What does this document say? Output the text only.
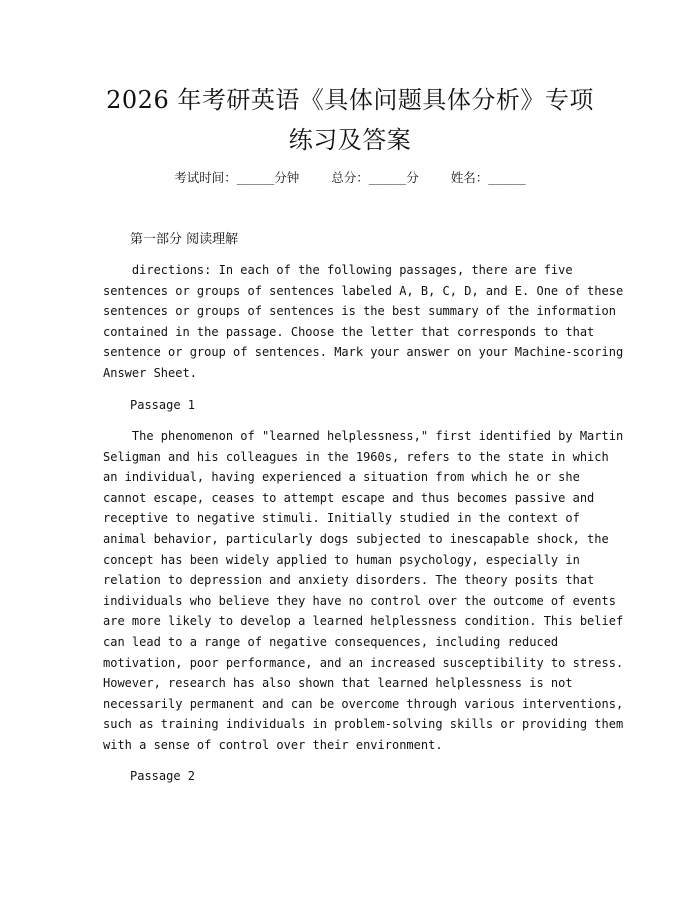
2026 年考研英语《具体问题具体分析》专项
练习及答案
考试时间：______分钟	总分：______分	姓名：______
第一部分 阅读理解
directions: In each of the following passages, there are five
sentences or groups of sentences labeled A, B, C, D, and E. One of these
sentences or groups of sentences is the best summary of the information
contained in the passage. Choose the letter that corresponds to that
sentence or group of sentences. Mark your answer on your Machine-scoring
Answer Sheet.
Passage 1
The phenomenon of "learned helplessness," first identified by Martin
Seligman and his colleagues in the 1960s, refers to the state in which
an individual, having experienced a situation from which he or she
cannot escape, ceases to attempt escape and thus becomes passive and
receptive to negative stimuli. Initially studied in the context of
animal behavior, particularly dogs subjected to inescapable shock, the
concept has been widely applied to human psychology, especially in
relation to depression and anxiety disorders. The theory posits that
individuals who believe they have no control over the outcome of events
are more likely to develop a learned helplessness condition. This belief
can lead to a range of negative consequences, including reduced
motivation, poor performance, and an increased susceptibility to stress.
However, research has also shown that learned helplessness is not
necessarily permanent and can be overcome through various interventions,
such as training individuals in problem-solving skills or providing them
with a sense of control over their environment.
Passage 2
